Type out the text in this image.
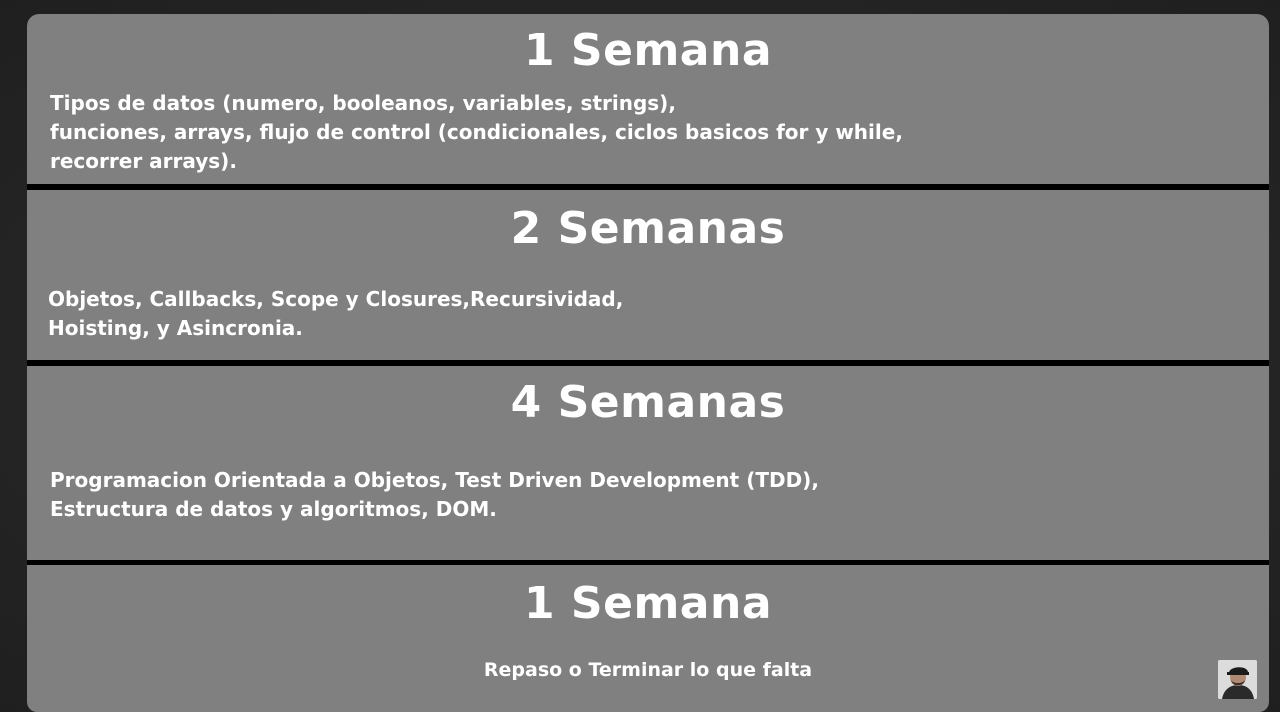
1 Semana
Tipos de datos (numero, booleanos, variables, strings),
funciones, arrays, flujo de control (condicionales, ciclos basicos for y while,
recorrer arrays).
2 Semanas
Objetos, Callbacks, Scope y Closures,Recursividad,
Hoisting, y Asincronia.
4 Semanas
Programacion Orientada a Objetos, Test Driven Development (TDD),
Estructura de datos y algoritmos, DOM.
1 Semana
Repaso o Terminar lo que falta
